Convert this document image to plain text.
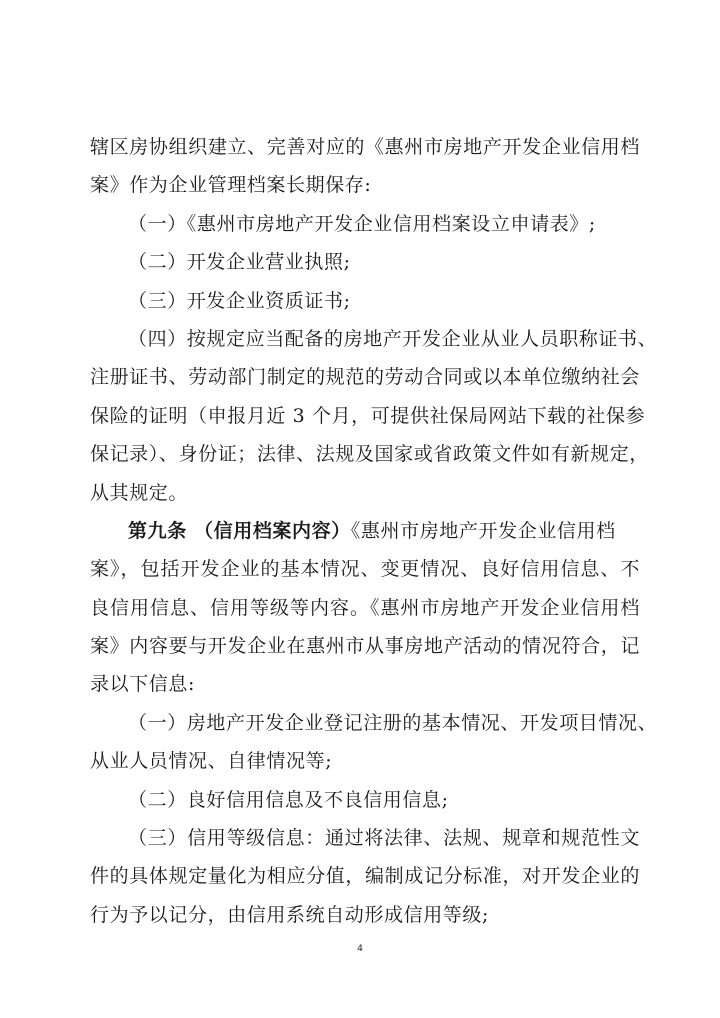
辖区房协组织建立、完善对应的《惠州市房地产开发企业信用档
案》作为企业管理档案长期保存:
（一）《惠州市房地产开发企业信用档案设立申请表》;
（二）开发企业营业执照;
（三）开发企业资质证书;
（四）按规定应当配备的房地产开发企业从业人员职称证书、
注册证书、劳动部门制定的规范的劳动合同或以本单位缴纳社会
保险的证明（申报月近 3 个月，可提供社保局网站下载的社保参
保记录）、身份证；法律、法规及国家或省政策文件如有新规定，
从其规定。
第九条 （信用档案内容）《惠州市房地产开发企业信用档
案》，包括开发企业的基本情况、变更情况、良好信用信息、不
良信用信息、信用等级等内容。《惠州市房地产开发企业信用档
案》内容要与开发企业在惠州市从事房地产活动的情况符合，记
录以下信息:
（一）房地产开发企业登记注册的基本情况、开发项目情况、
从业人员情况、自律情况等;
（二）良好信用信息及不良信用信息;
（三）信用等级信息：通过将法律、法规、规章和规范性文
件的具体规定量化为相应分值，编制成记分标准，对开发企业的
行为予以记分，由信用系统自动形成信用等级;
4
